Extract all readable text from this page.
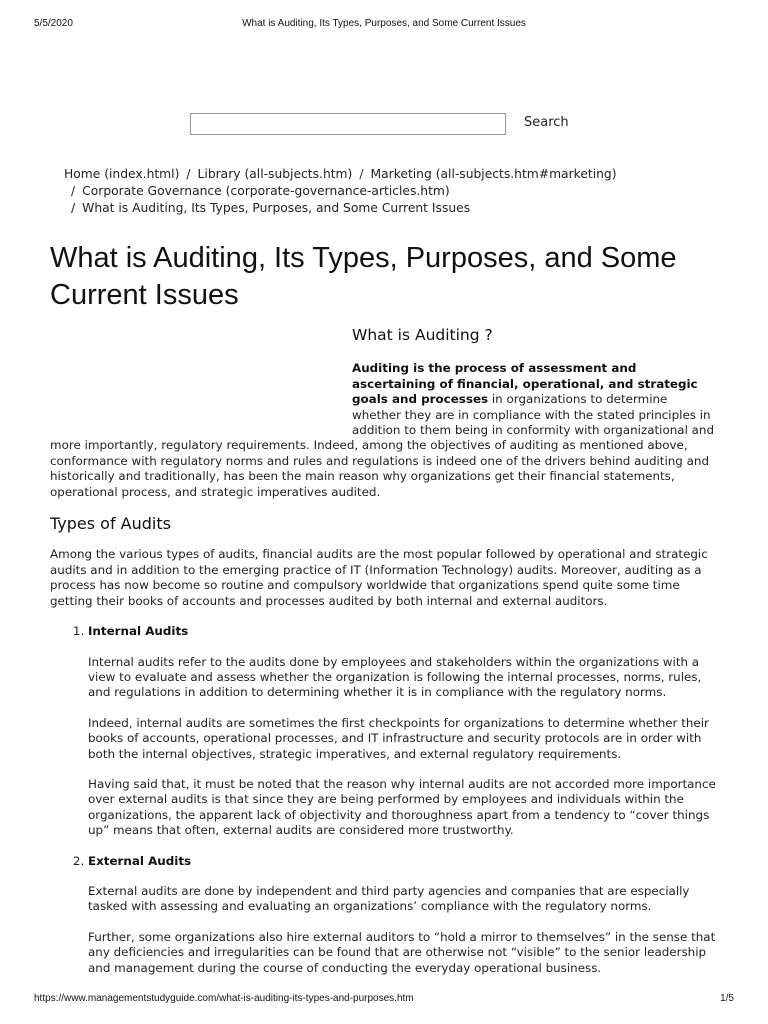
5/5/2020	What is Auditing, Its Types, Purposes, and Some Current Issues
Search
Home (index.html) / Library (all-subjects.htm) / Marketing (all-subjects.htm#marketing)
/ Corporate Governance (corporate-governance-articles.htm)
/ What is Auditing, Its Types, Purposes, and Some Current Issues
What is Auditing, Its Types, Purposes, and Some Current Issues
What is Auditing ?

Auditing is the process of assessment and ascertaining of financial, operational, and strategic goals and processes in organizations to determine whether they are in compliance with the stated principles in addition to them being in conformity with organizational and more importantly, regulatory requirements. Indeed, among the objectives of auditing as mentioned above, conformance with regulatory norms and rules and regulations is indeed one of the drivers behind auditing and historically and traditionally, has been the main reason why organizations get their financial statements, operational process, and strategic imperatives audited.

Types of Audits

Among the various types of audits, financial audits are the most popular followed by operational and strategic audits and in addition to the emerging practice of IT (Information Technology) audits. Moreover, auditing as a process has now become so routine and compulsory worldwide that organizations spend quite some time getting their books of accounts and processes audited by both internal and external auditors.

1. Internal Audits

Internal audits refer to the audits done by employees and stakeholders within the organizations with a view to evaluate and assess whether the organization is following the internal processes, norms, rules, and regulations in addition to determining whether it is in compliance with the regulatory norms.

Indeed, internal audits are sometimes the first checkpoints for organizations to determine whether their books of accounts, operational processes, and IT infrastructure and security protocols are in order with both the internal objectives, strategic imperatives, and external regulatory requirements.

Having said that, it must be noted that the reason why internal audits are not accorded more importance over external audits is that since they are being performed by employees and individuals within the organizations, the apparent lack of objectivity and thoroughness apart from a tendency to “cover things up” means that often, external audits are considered more trustworthy.

2. External Audits

External audits are done by independent and third party agencies and companies that are especially tasked with assessing and evaluating an organizations’ compliance with the regulatory norms.

Further, some organizations also hire external auditors to “hold a mirror to themselves” in the sense that any deficiencies and irregularities can be found that are otherwise not “visible” to the senior leadership and management during the course of conducting the everyday operational business.

https://www.managementstudyguide.com/what-is-auditing-its-types-and-purposes.htm	1/5
